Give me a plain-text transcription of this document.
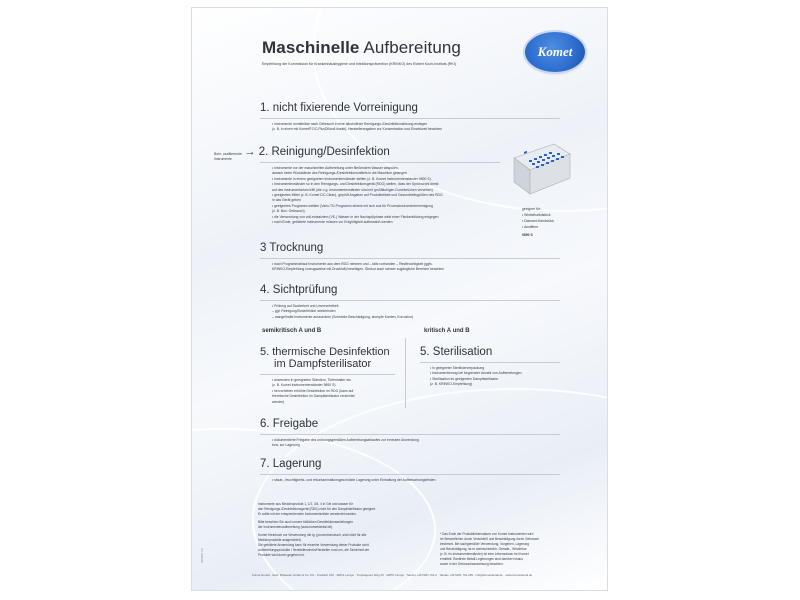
Maschinelle Aufbereitung
Empfehlung der Kommission für Krankenhaushygiene und Infektionsprävention (KRINKO) des Robert Koch-Instituts (RKI)
Komet
1. nicht fixierende Vorreinigung
• Instrumente unmittelbar nach Gebrauch in eine alkoholfreie Reinigungs-/Desinfektionslösung einlegen
(z. B. in einen mit Komet® DC-PlusDillon/Lösekit), Herstellerangaben zur Konzentration und Einwirkzeit beachten
Bohr, oszillierende Instrumente
→ 2. Reinigung/Desinfektion
• Instrumente vor der maschinellen Aufbereitung unter fließendem Wasser abspülen,
danach keine Rückstände des Reinigungs-/Desinfektionsmittels in die Maschine gelangen
• Instrumente in einem geeigneten Instrumentenständer stellen (z. B. Komet Instrumentenständer 9890 S)
• Instrumentenständer so in den Reinigungs- und Desinfektionsgerät (RDG) stellen, dass der Sprühstrahl direkt
auf das Instrumentarium trifft (die o.g. Instrumentenständer sind mit großflächigen Durchbrüchen versehen)
• geeignetes Mittel (z. B. Komet DC-Clean), geprüft Angaben auf Produktetikett und Gesundheitsgrößen des RDG
in das Gerät geben
• geeignetes Programm wählen (Vario-TD-Programm stimmt mit sich aus für Prozessinstrumentenreinigung
(z. B. Box: Gebrauch)
• die Verwendung von voll-entsalztem (VE-) Wasser in der Nachspülphase wirkt einer Fleckenbildung entgegen
• nach Ende, gebildete Instrumente müssen vor Entgültigkeit aufbewahrt werden
geeignet für:
• Winkelhalbdstück
• Diamant-Handstück
• Anstiftere
9890 S
3 Trocknung
• nach Programmablauf Instrumente aus dem RDG nehmen und – falls vorhanden – Restfeuchtigkeit (ggfs.
KRINKO-Empfehlung vorzugsweise mit Druckluft) beseitigen. Strukur auch schwer zugängliche Bereiche beachten
4. Sichtprüfung
• Prüfung auf Sauberkeit und Unversehrtheit
– ggf. Reinigung/Desinfektion wiederholen
– mangelhafte Instrumente aussondern (Schneide-Beschädigung, stumpfe Kanten, Korrosion)
semikritisch A und B	kritisch A und B
5. thermische Desinfektion
im Dampfsterilisator
• anwenden in geeigneten Ständern, Tiefenhalter etc.
(z. B. Komet Instrumentenständer 9890 S)
• hervorheben erhöhte Desinfektion im RDG (kann auf
thermische Desinfektion im Dampfsterilisator verzichtet
werden)
5. Sterilisation
• in geeigneter Sterilisierverpackung
• Instrumentierung bei begrenzter Anzahl von Aufbereitungen
• Sterilisation im geeigneten Dampfsterilisator
(z. B. KRINKO-Empfehlung)
6. Freigabe
• dokumentierte Freigabe des ordnungsgemäßen Aufbereitungsablaufes zur erneuten Anwendung
bzw. zur Lagerung
7. Lagerung
• staub-, feuchtigkeits- und rekontaminationsgeschützte Lagerung unter Einhaltung der Aufbewahrungsfristen
Instrumente aus Medizinprodukt 1, 1/2, 3/4, 4 in Gel und wasser für
den Reinigungs-/Desinfektionsgerät (RDG) nicht für den Dampfsterilisator geeignet.
Er sollte mit der entsprechenden Instrumentenliste verwendet werden.
Bitte beachten Sie auch unsere bildlichen Desinfektionsanleitungen
der Instrumentenaufbereitung (www.kometdental.de).
Komet Kleinbuch zur Verwendung mit ig. (proventionsbuch, sind nicht für alle
Medizinprodukte ausgerichtet).
Die gebildete Anwendung kann für einzelne Verwendung dieser Produkte nicht
Aufbereitungsprodukte / Herstellerschein/Hersteller rund um, die Sicherheit der
Produkte wird durch gegeben ist.
* Das Ende der Produktlebensdauer von Komet Instrumenten wird
im Wesentlichen durch Verschleiß und Beschädigung durch Gebrauch
bestimmt. Bei sachgemäßer Verwendung, Vorgehen, Lagerung
und Beschädigung, ist er wahrscheinlich. Gerade-, Windertus
(z. B. im Instrumentenständer) ist eine Lebensdauer bei Komet
ermittelt. Rostfreie Metall-Legierungen sind darüber hinaus
sowie in der Gebrauchsanweisung beachten.
Komet Dental · Gebr. Brasseler GmbH & Co. KG · Postfach 160 · 32631 Lemgo · Trophagener Weg 25 · 32657 Lemgo · Telefon +49 5261 701-0 · Telefax +49 5261 701-289 · info@kometdental.de · www.kometdental.de
200000 V0
